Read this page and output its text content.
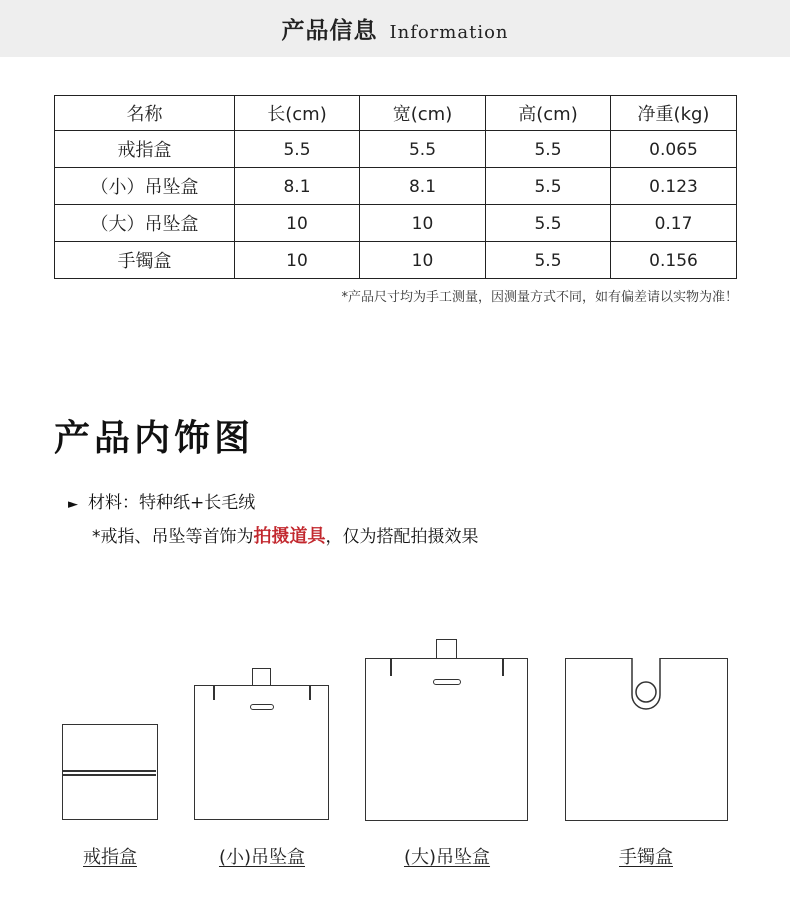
产品信息 Information
名称	长(cm)	宽(cm)	高(cm)	净重(kg)
戒指盒	5.5	5.5	5.5	0.065
（小）吊坠盒	8.1	8.1	5.5	0.123
（大）吊坠盒	10	10	5.5	0.17
手镯盒	10	10	5.5	0.156
*产品尺寸均为手工测量，因测量方式不同，如有偏差请以实物为准！
产品内饰图
► 材料：特种纸+长毛绒
*戒指、吊坠等首饰为拍摄道具，仅为搭配拍摄效果
戒指盒	(小)吊坠盒	(大)吊坠盒	手镯盒
